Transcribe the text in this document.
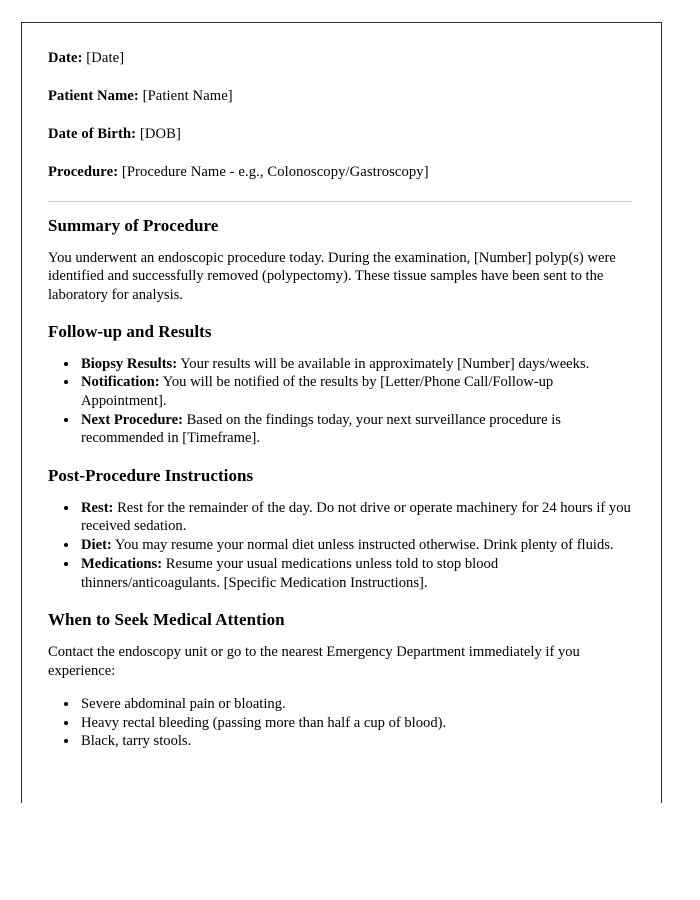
Date: [Date]

Patient Name: [Patient Name]

Date of Birth: [DOB]

Procedure: [Procedure Name - e.g., Colonoscopy/Gastroscopy]

Summary of Procedure

You underwent an endoscopic procedure today. During the examination, [Number] polyp(s) were identified and successfully removed (polypectomy). These tissue samples have been sent to the laboratory for analysis.

Follow-up and Results
• Biopsy Results: Your results will be available in approximately [Number] days/weeks.
• Notification: You will be notified of the results by [Letter/Phone Call/Follow-up Appointment].
• Next Procedure: Based on the findings today, your next surveillance procedure is recommended in [Timeframe].
Post-Procedure Instructions
• Rest: Rest for the remainder of the day. Do not drive or operate machinery for 24 hours if you received sedation.
• Diet: You may resume your normal diet unless instructed otherwise. Drink plenty of fluids.
• Medications: Resume your usual medications unless told to stop blood thinners/anticoagulants. [Specific Medication Instructions].
When to Seek Medical Attention

Contact the endoscopy unit or go to the nearest Emergency Department immediately if you experience:

• Severe abdominal pain or bloating.
• Heavy rectal bleeding (passing more than half a cup of blood).
• Black, tarry stools.
